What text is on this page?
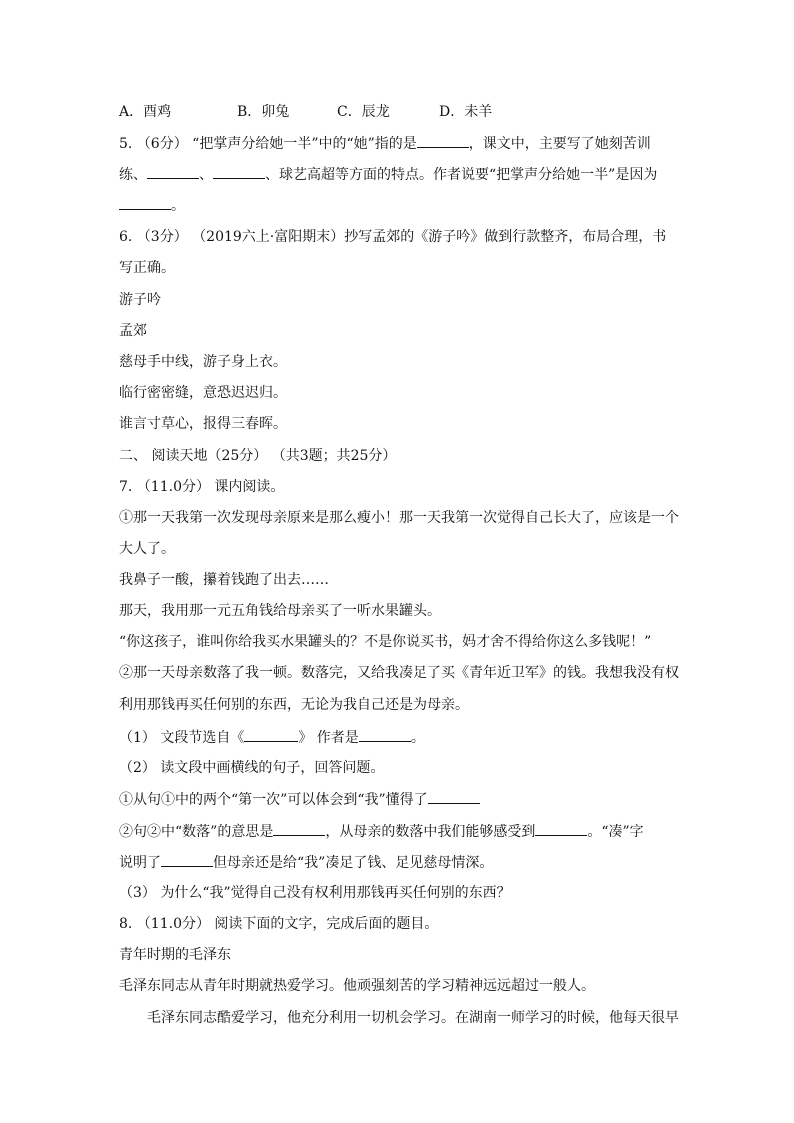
A．酉鸡	B．卯兔	C．辰龙	D．未羊
5. （6分） “把掌声分给她一半”中的“她”指的是	，课文中，主要写了她刻苦训
练、	、	、球艺高超等方面的特点。作者说要“把掌声分给她一半”是因为
。
6. （3分） （2019六上·富阳期末）抄写孟郊的《游子吟》做到行款整齐，布局合理，书
写正确。
游子吟
孟郊
慈母手中线，游子身上衣。
临行密密缝，意恐迟迟归。
谁言寸草心，报得三春晖。
二、 阅读天地（25分） （共3题；共25分）
7. （11.0分） 课内阅读。
①那一天我第一次发现母亲原来是那么瘦小！那一天我第一次觉得自己长大了，应该是一个
大人了。
我鼻子一酸，攥着钱跑了出去……
那天，我用那一元五角钱给母亲买了一听水果罐头。
“你这孩子，谁叫你给我买水果罐头的？不是你说买书，妈才舍不得给你这么多钱呢！”
②那一天母亲数落了我一顿。数落完，又给我凑足了买《青年近卫军》的钱。我想我没有权
利用那钱再买任何别的东西，无论为我自己还是为母亲。
（1） 文段节选自《	》 作者是	。
（2） 读文段中画横线的句子，回答问题。
①从句①中的两个“第一次”可以体会到“我”懂得了
②句②中“数落”的意思是	，从母亲的数落中我们能够感受到	。“凑”字
说明了	但母亲还是给“我”凑足了钱、足见慈母情深。
（3） 为什么“我”觉得自己没有权利用那钱再买任何别的东西？
8. （11.0分） 阅读下面的文字，完成后面的题目。
青年时期的毛泽东
毛泽东同志从青年时期就热爱学习。他顽强刻苦的学习精神远远超过一般人。
毛泽东同志酷爱学习，他充分利用一切机会学习。在湖南一师学习的时候，他每天很早
